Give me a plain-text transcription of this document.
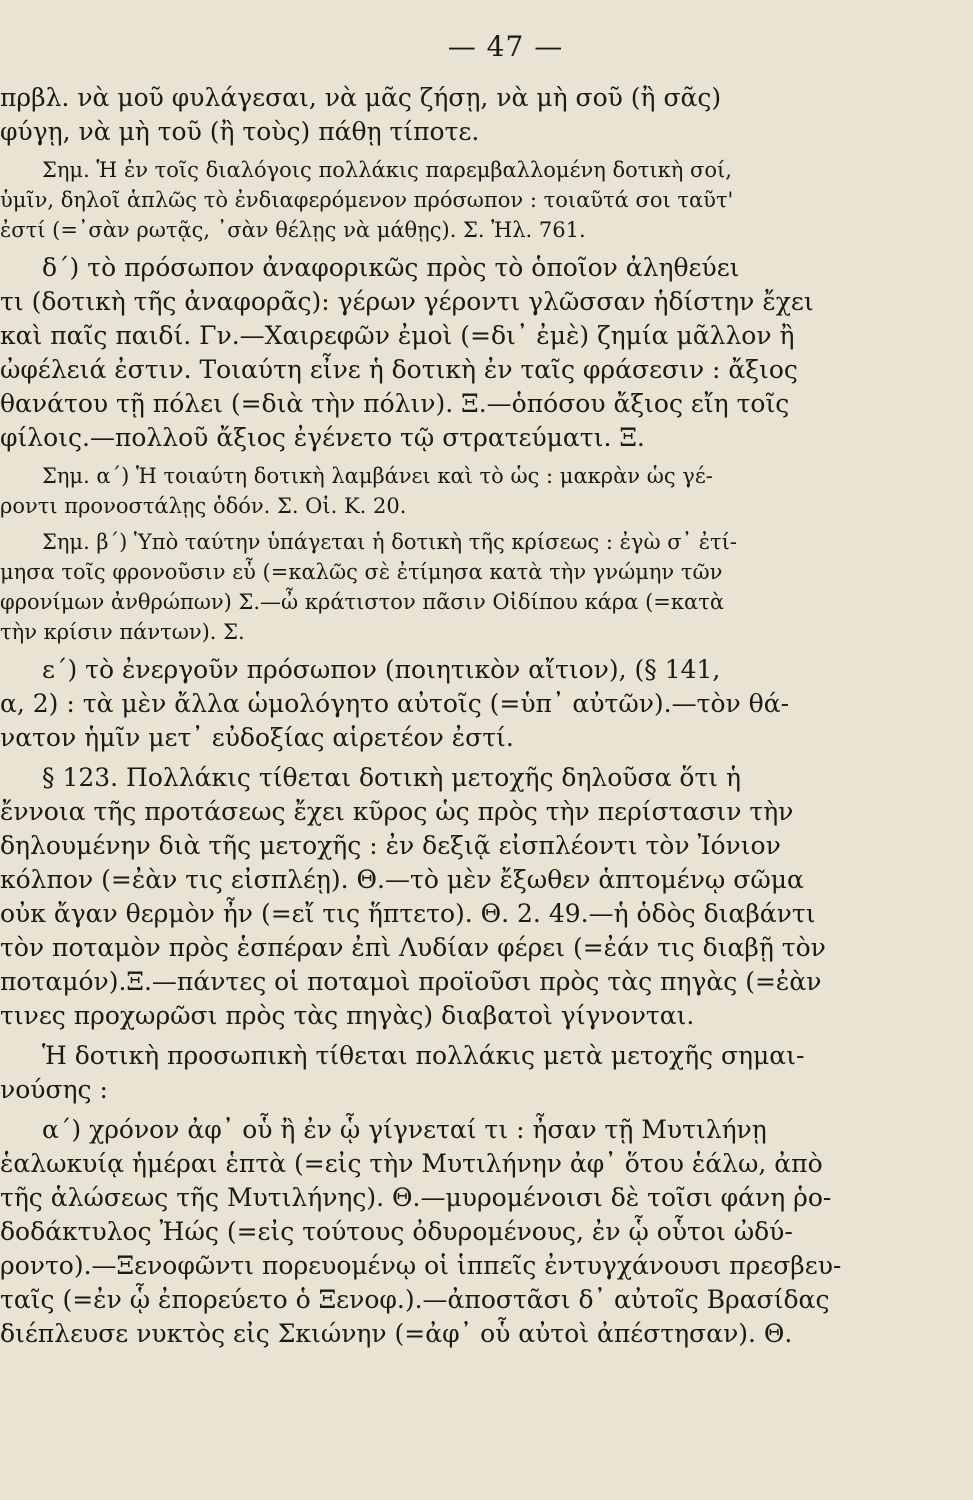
— 47 —
πρβλ. νὰ μοῦ φυλάγεσαι, νὰ μᾶς ζήσῃ, νὰ μὴ σοῦ (ἢ σᾶς)
φύγῃ, νὰ μὴ τοῦ (ἢ τοὺς) πάθῃ τίποτε.
Σημ. Ἡ ἐν τοῖς διαλόγοις πολλάκις παρεμβαλλομένη δοτικὴ σοί,
ὑμῖν, δηλοῖ ἁπλῶς τὸ ἐνδιαφερόμενον πρόσωπον : τοιαῦτά σοι ταῦτ'
ἐστί (=᾽σὰν ρωτᾷς, ᾽σὰν θέλῃς νὰ μάθῃς). Σ. Ἠλ. 761.
δ΄) τὸ πρόσωπον ἀναφορικῶς πρὸς τὸ ὁποῖον ἀληθεύει
τι (δοτικὴ τῆς ἀναφορᾶς): γέρων γέροντι γλῶσσαν ἡδίστην ἔχει
καὶ παῖς παιδί. Γν.—Χαιρεφῶν ἐμοὶ (=δι᾽ ἐμὲ) ζημία μᾶλλον ἢ
ὠφέλειά ἐστιν. Τοιαύτη εἶνε ἡ δοτικὴ ἐν ταῖς φράσεσιν : ἄξιος
θανάτου τῇ πόλει (=διὰ τὴν πόλιν). Ξ.—ὁπόσου ἄξιος εἴη τοῖς
φίλοις.—πολλοῦ ἄξιος ἐγένετο τῷ στρατεύματι. Ξ.
Σημ. α΄) Ἡ τοιαύτη δοτικὴ λαμβάνει καὶ τὸ ὡς : μακρὰν ὡς γέ-
ροντι προνοστάλῃς ὁδόν. Σ. Οἰ. Κ. 20.
Σημ. β΄) Ὑπὸ ταύτην ὑπάγεται ἡ δοτικὴ τῆς κρίσεως : ἐγὼ σ᾽ ἐτί-
μησα τοῖς φρονοῦσιν εὖ (=καλῶς σὲ ἐτίμησα κατὰ τὴν γνώμην τῶν
φρονίμων ἀνθρώπων) Σ.—ὦ κράτιστον πᾶσιν Οἰδίπου κάρα (=κατὰ
τὴν κρίσιν πάντων). Σ.
ε΄) τὸ ἐνεργοῦν πρόσωπον (ποιητικὸν αἴτιον), (§ 141,
α, 2) : τὰ μὲν ἄλλα ὡμολόγητο αὐτοῖς (=ὑπ᾽ αὐτῶν).—τὸν θά-
νατον ἡμῖν μετ᾽ εὐδοξίας αἱρετέον ἐστί.
§ 123. Πολλάκις τίθεται δοτικὴ μετοχῆς δηλοῦσα ὅτι ἡ
ἔννοια τῆς προτάσεως ἔχει κῦρος ὡς πρὸς τὴν περίστασιν τὴν
δηλουμένην διὰ τῆς μετοχῆς : ἐν δεξιᾷ εἰσπλέοντι τὸν Ἰόνιον
κόλπον (=ἐὰν τις εἰσπλέῃ). Θ.—τὸ μὲν ἔξωθεν ἁπτομένῳ σῶμα
οὐκ ἄγαν θερμὸν ἦν (=εἴ τις ἥπτετο). Θ. 2. 49.—ἡ ὁδὸς διαβάντι
τὸν ποταμὸν πρὸς ἑσπέραν ἐπὶ Λυδίαν φέρει (=ἐάν τις διαβῇ τὸν
ποταμόν).Ξ.—πάντες οἱ ποταμοὶ προϊοῦσι πρὸς τὰς πηγὰς (=ἐὰν
τινες προχωρῶσι πρὸς τὰς πηγὰς) διαβατοὶ γίγνονται.
Ἡ δοτικὴ προσωπικὴ τίθεται πολλάκις μετὰ μετοχῆς σημαι-
νούσης :
α΄) χρόνον ἀφ᾽ οὗ ἢ ἐν ᾧ γίγνεταί τι : ἦσαν τῇ Μυτιλήνῃ
ἑαλωκυίᾳ ἡμέραι ἑπτὰ (=εἰς τὴν Μυτιλήνην ἀφ᾽ ὅτου ἑάλω, ἀπὸ
τῆς ἁλώσεως τῆς Μυτιλήνης). Θ.—μυρομένοισι δὲ τοῖσι φάνη ῥο-
δοδάκτυλος Ἠώς (=εἰς τούτους ὀδυρομένους, ἐν ᾧ οὗτοι ὠδύ-
ροντο).—Ξενοφῶντι πορευομένῳ οἱ ἱππεῖς ἐντυγχάνουσι πρεσβευ-
ταῖς (=ἐν ᾧ ἐπορεύετο ὁ Ξενοφ.).—ἀποστᾶσι δ᾽ αὐτοῖς Βρασίδας
διέπλευσε νυκτὸς εἰς Σκιώνην (=ἀφ᾽ οὗ αὐτοὶ ἀπέστησαν). Θ.
